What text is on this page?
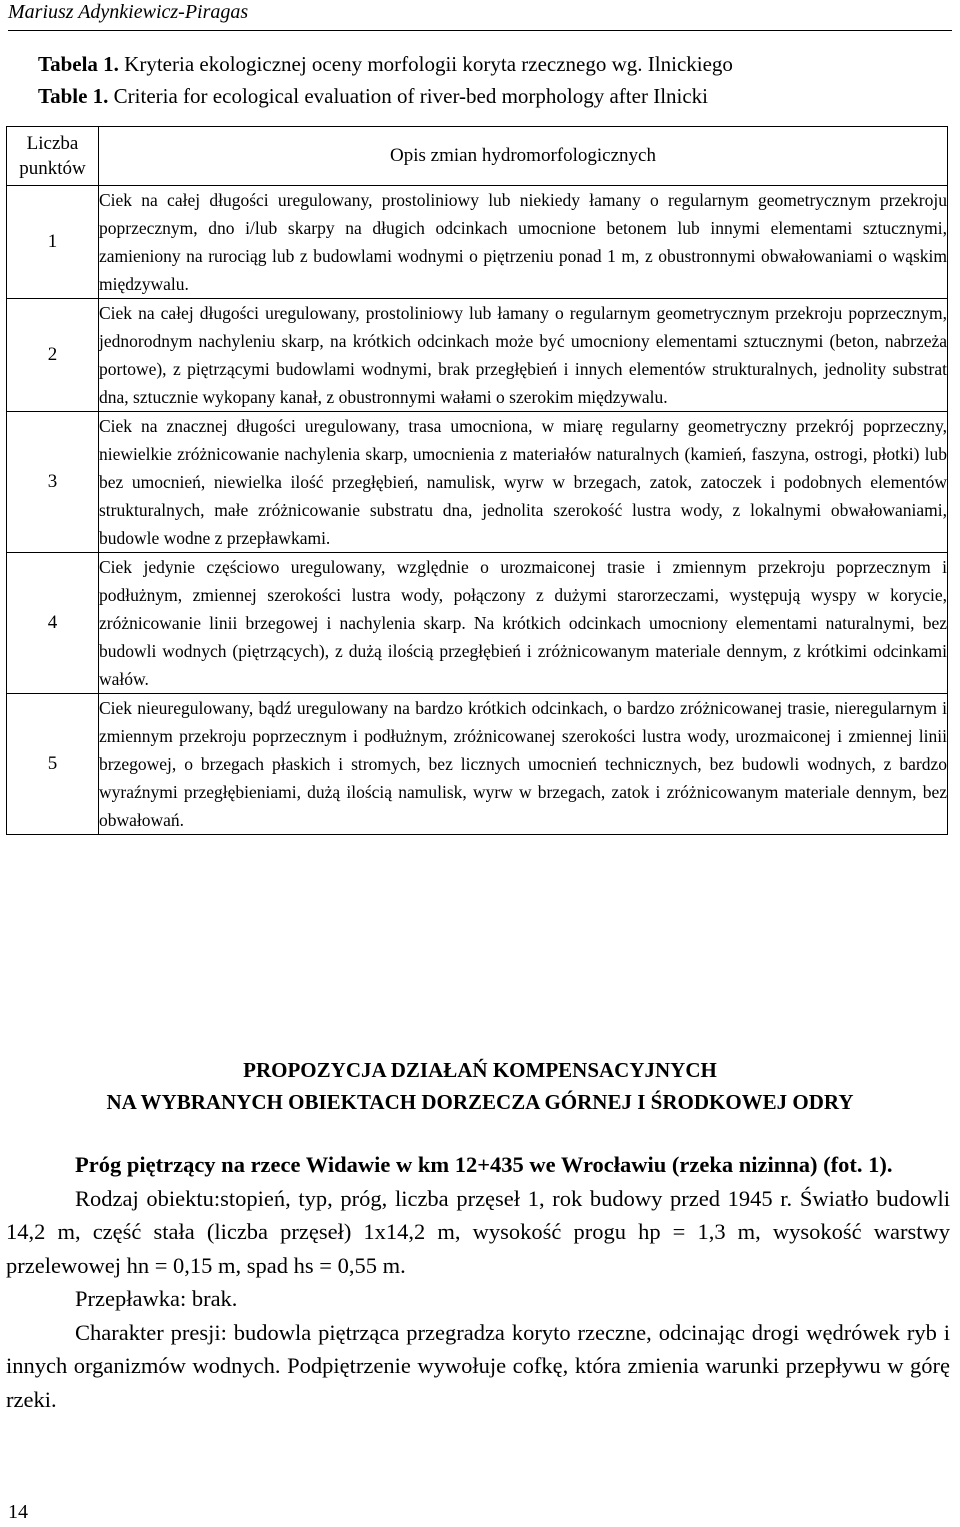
Mariusz Adynkiewicz-Piragas
Tabela 1. Kryteria ekologicznej oceny morfologii koryta rzecznego wg. Ilnickiego
Table 1. Criteria for ecological evaluation of river-bed morphology after Ilnicki
Liczba punktów	Opis zmian hydromorfologicznych
1	Ciek na całej długości uregulowany, prostoliniowy lub niekiedy łamany o regularnym geometrycznym przekroju poprzecznym, dno i/lub skarpy na długich odcinkach umocnione betonem lub innymi elementami sztucznymi, zamieniony na rurociąg lub z budowlami wodnymi o piętrzeniu ponad 1 m, z obustronnymi obwałowaniami o wąskim międzywalu.
2	Ciek na całej długości uregulowany, prostoliniowy lub łamany o regularnym geometrycznym przekroju poprzecznym, jednorodnym nachyleniu skarp, na krótkich odcinkach może być umocniony elementami sztucznymi (beton, nabrzeża portowe), z piętrzącymi budowlami wodnymi, brak przegłębień i innych elementów strukturalnych, jednolity substrat dna, sztucznie wykopany kanał, z obustronnymi wałami o szerokim międzywalu.
3	Ciek na znacznej długości uregulowany, trasa umocniona, w miarę regularny geometryczny przekrój poprzeczny, niewielkie zróżnicowanie nachylenia skarp, umocnienia z materiałów naturalnych (kamień, faszyna, ostrogi, płotki) lub bez umocnień, niewielka ilość przegłębień, namulisk, wyrw w brzegach, zatok, zatoczek i podobnych elementów strukturalnych, małe zróżnicowanie substratu dna, jednolita szerokość lustra wody, z lokalnymi obwałowaniami, budowle wodne z przepławkami.
4	Ciek jedynie częściowo uregulowany, względnie o urozmaiconej trasie i zmiennym przekroju poprzecznym i podłużnym, zmiennej szerokości lustra wody, połączony z dużymi starorzeczami, występują wyspy w korycie, zróżnicowanie linii brzegowej i nachylenia skarp. Na krótkich odcinkach umocniony elementami naturalnymi, bez budowli wodnych (piętrzących), z dużą ilością przegłębień i zróżnicowanym materiale dennym, z krótkimi odcinkami wałów.
5	Ciek nieuregulowany, bądź uregulowany na bardzo krótkich odcinkach, o bardzo zróżnicowanej trasie, nieregularnym i zmiennym przekroju poprzecznym i podłużnym, zróżnicowanej szerokości lustra wody, urozmaiconej i zmiennej linii brzegowej, o brzegach płaskich i stromych, bez licznych umocnień technicznych, bez budowli wodnych, z bardzo wyraźnymi przegłębieniami, dużą ilością namulisk, wyrw w brzegach, zatok i zróżnicowanym materiale dennym, bez obwałowań.
PROPOZYCJA DZIAŁAŃ KOMPENSACYJNYCH
NA WYBRANYCH OBIEKTACH DORZECZA GÓRNEJ I ŚRODKOWEJ ODRY

Próg piętrzący na rzece Widawie w km 12+435 we Wrocławiu (rzeka nizinna) (fot. 1).

Rodzaj obiektu:stopień, typ, próg, liczba przęseł 1, rok budowy przed 1945 r. Światło budowli 14,2 m, część stała (liczba przęseł) 1x14,2 m, wysokość progu hp = 1,3 m, wysokość warstwy przelewowej hn = 0,15 m, spad hs = 0,55 m.

Przepławka: brak.

Charakter presji: budowla piętrząca przegradza koryto rzeczne, odcinając drogi wędrówek ryb i innych organizmów wodnych. Podpiętrzenie wywołuje cofkę, która zmienia warunki przepływu w górę rzeki.

14
